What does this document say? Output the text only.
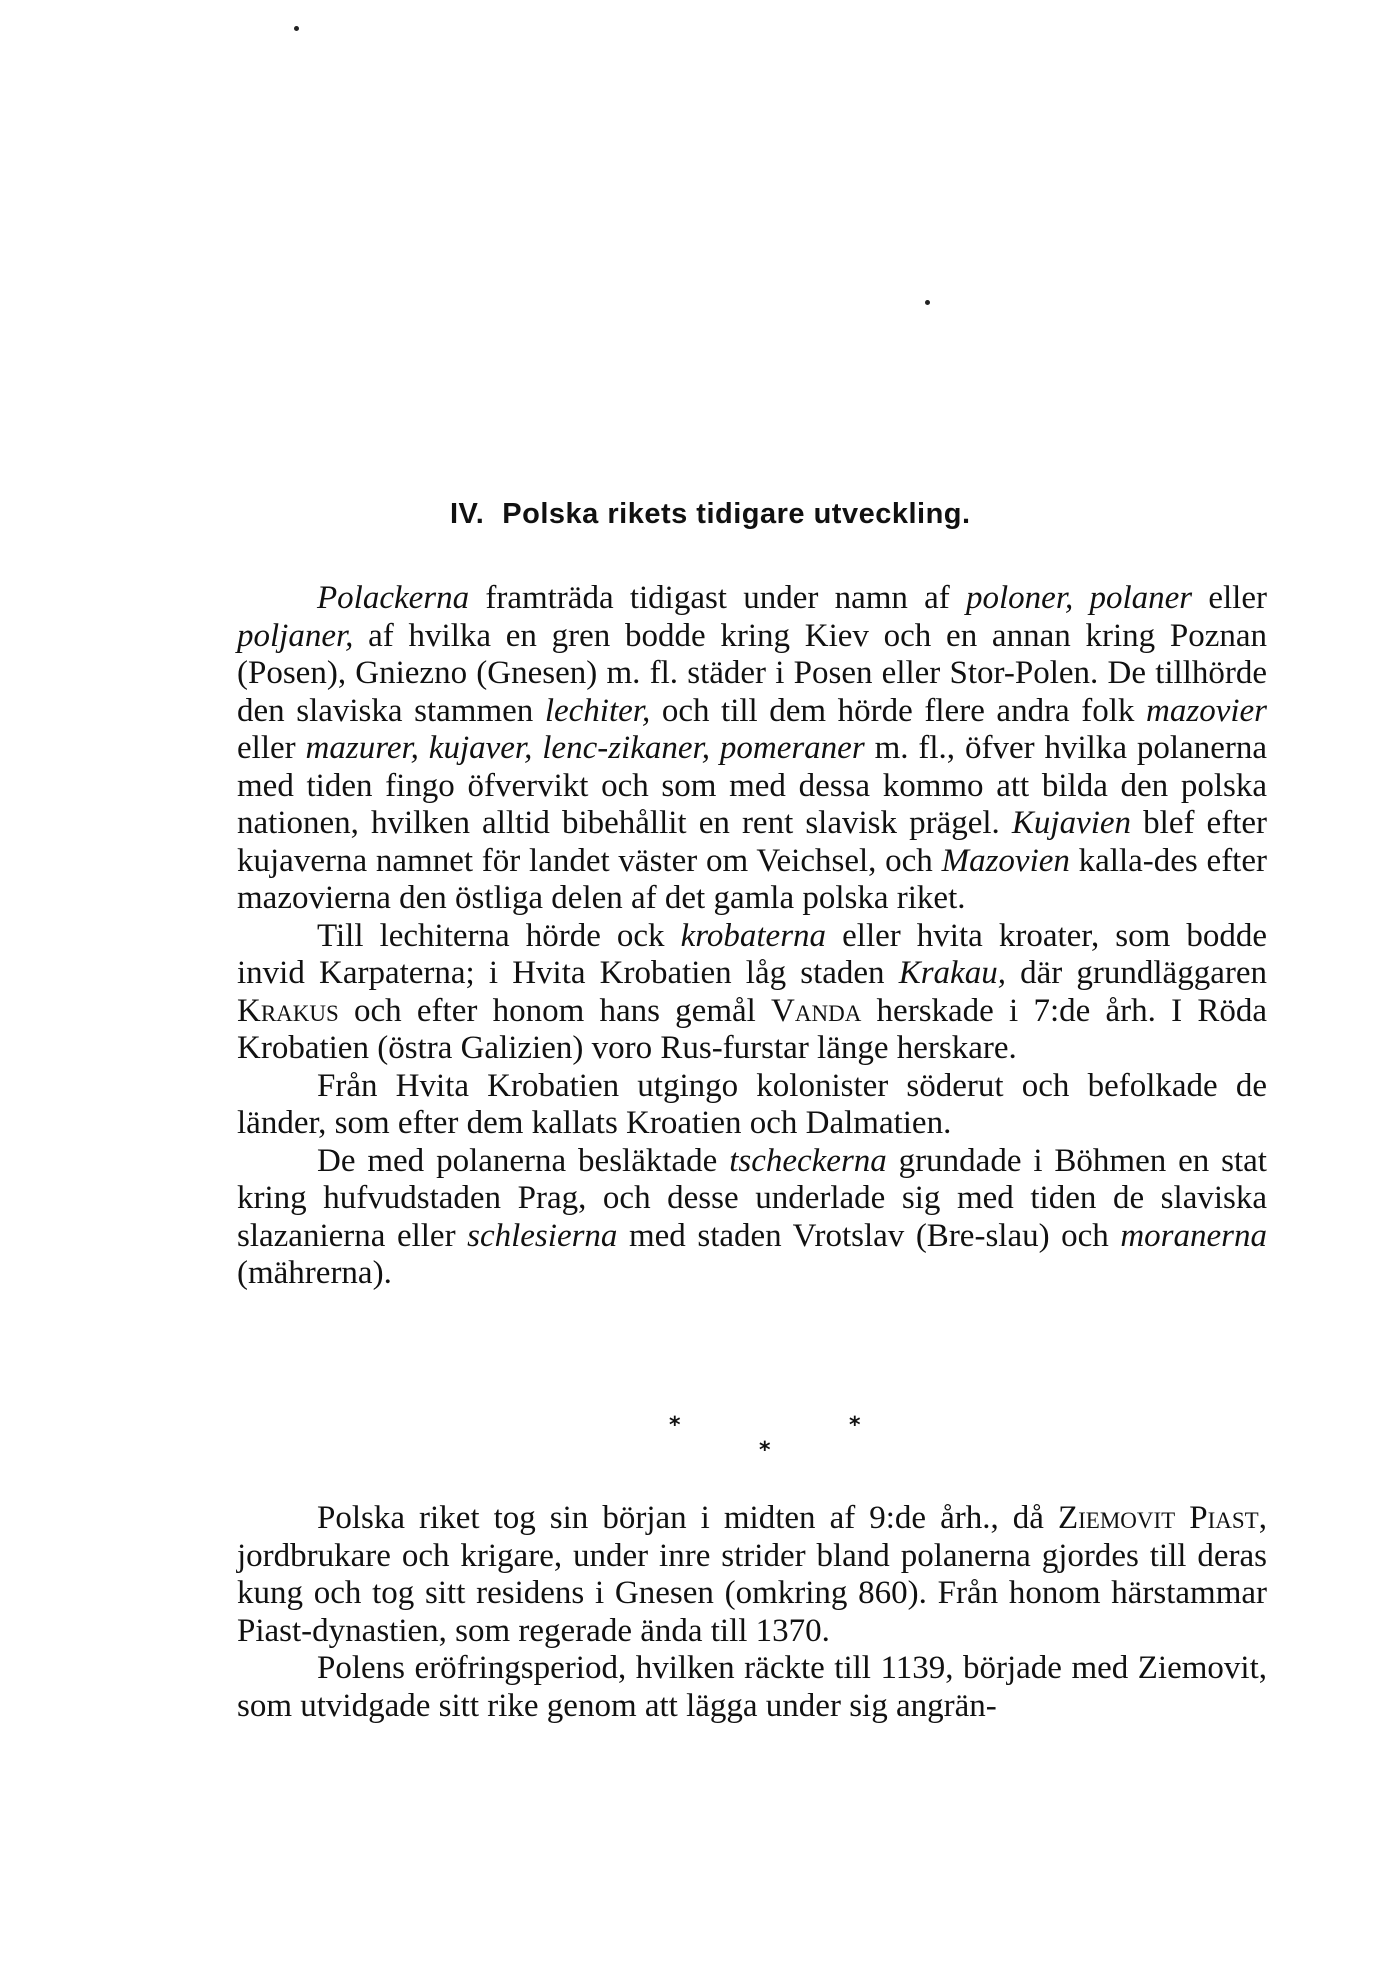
IV. Polska rikets tidigare utveckling.

Polackerna framträda tidigast under namn af poloner, polaner eller poljaner, af hvilka en gren bodde kring Kiev och en annan kring Poznan (Posen), Gniezno (Gnesen) m. fl. städer i Posen eller Stor-Polen. De tillhörde den slaviska stammen lechiter, och till dem hörde flere andra folk mazovier eller mazurer, kujaver, lenc-zikaner, pomeraner m. fl., öfver hvilka polanerna med tiden fingo öfvervikt och som med dessa kommo att bilda den polska nationen, hvilken alltid bibehållit en rent slavisk prägel. Kujavien blef efter kujaverna namnet för landet väster om Veichsel, och Mazovien kalla-des efter mazovierna den östliga delen af det gamla polska riket.

Till lechiterna hörde ock krobaterna eller hvita kroater, som bodde invid Karpaterna; i Hvita Krobatien låg staden Krakau, där grundläggaren Krakus och efter honom hans gemål Vanda herskade i 7:de årh. I Röda Krobatien (östra Galizien) voro Rus-furstar länge herskare.

Från Hvita Krobatien utgingo kolonister söderut och befolkade de länder, som efter dem kallats Kroatien och Dalmatien.

De med polanerna besläktade tscheckerna grundade i Böhmen en stat kring hufvudstaden Prag, och desse underlade sig med tiden de slaviska slazanierna eller schlesierna med staden Vrotslav (Bre-slau) och moranerna (mährerna).

*	*
*

Polska riket tog sin början i midten af 9:de årh., då Ziemovit Piast, jordbrukare och krigare, under inre strider bland polanerna gjordes till deras kung och tog sitt residens i Gnesen (omkring 860). Från honom härstammar Piast-dynastien, som regerade ända till 1370.

Polens eröfringsperiod, hvilken räckte till 1139, började med Ziemovit, som utvidgade sitt rike genom att lägga under sig angrän-
